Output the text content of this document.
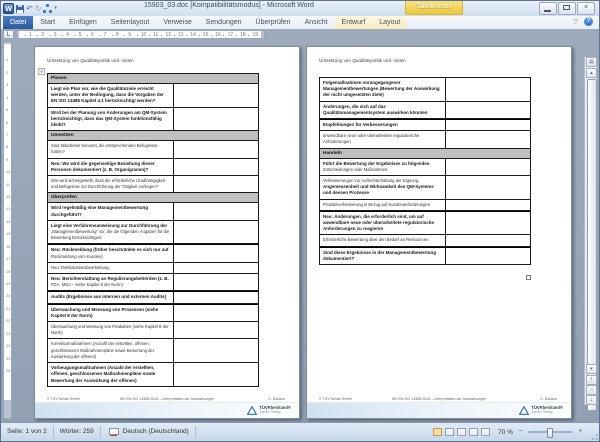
W ↶ ↻	▾	15903_03.doc [Kompatibilitätsmodus] - Microsoft Word	×
Tabellentools
Datei	Start	Einfügen	Seitenlayout	Verweise	Sendungen	Überprüfen	Ansicht	Entwurf	Layout	▽	?
Umsetzung von Qualitätspolitik und -zielen
✛
Planen
Liegt ein Plan vor, wie die Qualitätsziele erreicht werden, unter der Bedingung, dass die Vorgaben der EN ISO 13485 Kapitel 4.1 berücksichtigt werden?
Wird bei der Planung von Änderungen am QM-System berücksichtigt, dass das QM-System funktionsfähig bleibt?
Umsetzen
Sind Mitarbeiter benannt, die entsprechenden Befugnisse haben?
Neu: Wo wird die gegenseitige Beziehung dieser Personen dokumentiert (z. B. Organigramm)?
Wie wird sichergestellt, dass die erforderliche Unabhängigkeit und Befugnisse zur Durchführung der Tätigkeit vorliegen?
Überprüfen
Wird regelmäßig eine Managementbewertung durchgeführt?
Liegt eine Verfahrensanweisung zur Durchführung der „Managementbewertung“ vor, die die folgenden Angaben für die Bewertung berücksichtigen:
Neu: Rückmeldung (früher beschränkte es sich nur auf Rückmeldung vom Kunden)
Neu: Reklamationsbearbeitung;
Neu: Berichterstattung an Regulierungsbehörden (z. B. FDA, MDA – siehe Kapitel 8 der Norm)
Audits (Ergebnisse aus internen und externen Audits)
Überwachung und Messung von Prozessen (siehe Kapitel 8 der Norm)
Überwachung und Messung von Produkten (siehe Kapitel 8 der Norm)
Korrekturmaßnahmen (Anzahl der erstellten, offenen, geschlossenen Maßnahmenpläne sowie Bewertung der Auswirkung der offenen)
Vorbeugungsmaßnahmen (Anzahl der erstellten, offenen, geschlossenen Maßnahmenpläne sowie Bewertung der Auswirkung der offenen)
© TÜV Media GmbH	Die EN ISO 13485:2016 – Interpretation der Anforderungen	C. Dauses
TÜVRheinland®
Genau. Richtig.
Umsetzung von Qualitätspolitik und -zielen
Folgemaßnahmen vorangegangener Managementbewertungen (Bewertung der Auswirkung der nicht umgesetzten Ziele)
Änderungen, die sich auf das Qualitätsmanagementsystem auswirken könnten
Empfehlungen für Verbesserungen
anwendbare neue oder überarbeitete regulatorische Anforderungen
Handeln
Führt die Bewertung der Ergebnisse zu folgenden Entscheidungen oder Maßnahmen:
Verbesserungen zur Aufrechterhaltung der Eignung, Angemessenheit und Wirksamkeit des QM-Systems und dessen Prozesse
Produktverbesserung in Bezug auf Kundenanforderungen
Neu: Änderungen, die erforderlich sind, um auf anwendbare neue oder überarbeitete regulatorische Anforderungen zu reagieren
Erforderliche Bewertung über den Bedarf an Ressourcen
Sind diese Ergebnisse in der Managementbewertung dokumentiert?
© TÜV Media GmbH	Die EN ISO 13485:2016 – Interpretation der Anforderungen	C. Dauses
TÜVRheinland®
Genau. Richtig.
▤
▴
▾
⇡
○
⇣
L	1 2 3 4 5 6 7 8 9 10 11 12 13 14 15 16 17 18 19
1
2
3
4
5
6
7
8
9
10
11
12
13
14
15
16
17
18
19
20
21
22
23
24
25
26
Seite: 1 von 2	Wörter: 259	Deutsch (Deutschland)	70 % −	+
